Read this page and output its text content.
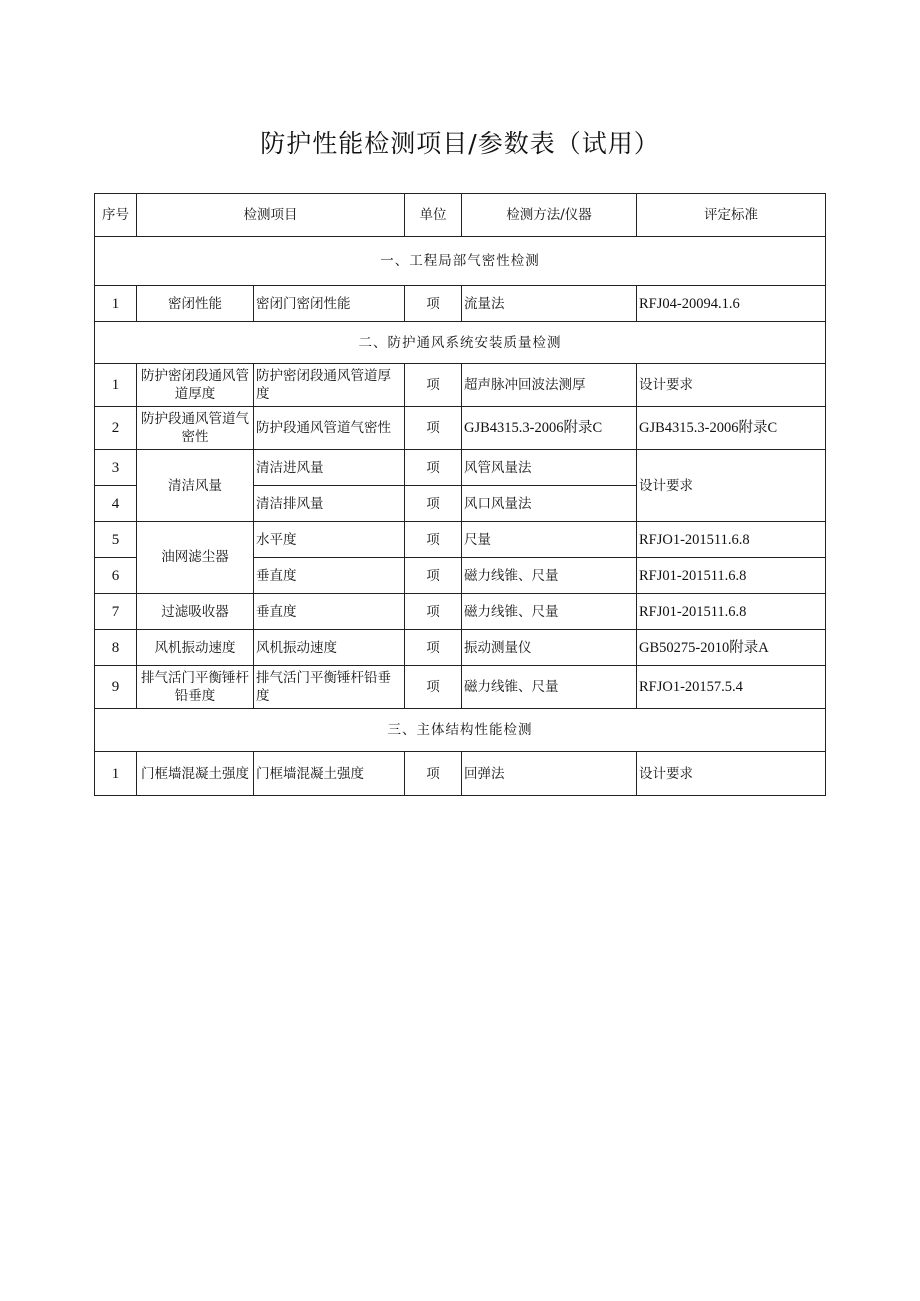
防护性能检测项目/参数表（试用）
序号	检测项目		单位	检测方法/仪器	评定标准
一、工程局部气密性检测					
1	密闭性能	密闭门密闭性能	项	流量法	RFJ04-20094.1.6
二、防护通风系统安装质量检测					
1	防护密闭段通风管道厚度	防护密闭段通风管道厚度	项	超声脉冲回波法测厚	设计要求
2	防护段通风管道气密性	防护段通风管道气密性	项	GJB4315.3-2006附录C	GJB4315.3-2006附录C
3	清洁风量	清洁进风量	项	风管风量法	设计要求
4		清洁排风量	项	风口风量法	
5	油网滤尘器	水平度	项	尺量	RFJO1-201511.6.8
6		垂直度	项	磁力线锥、尺量	RFJ01-201511.6.8
7	过滤吸收器	垂直度	项	磁力线锥、尺量	RFJ01-201511.6.8
8	风机振动速度	风机振动速度	项	振动测量仪	GB50275-2010附录A
9	排气活门平衡锤杆铅垂度	排气活门平衡锤杆铅垂度	项	磁力线锥、尺量	RFJO1-20157.5.4
三、主体结构性能检测					
1	门框墙混凝土强度	门框墙混凝土强度	项	回弹法	设计要求
